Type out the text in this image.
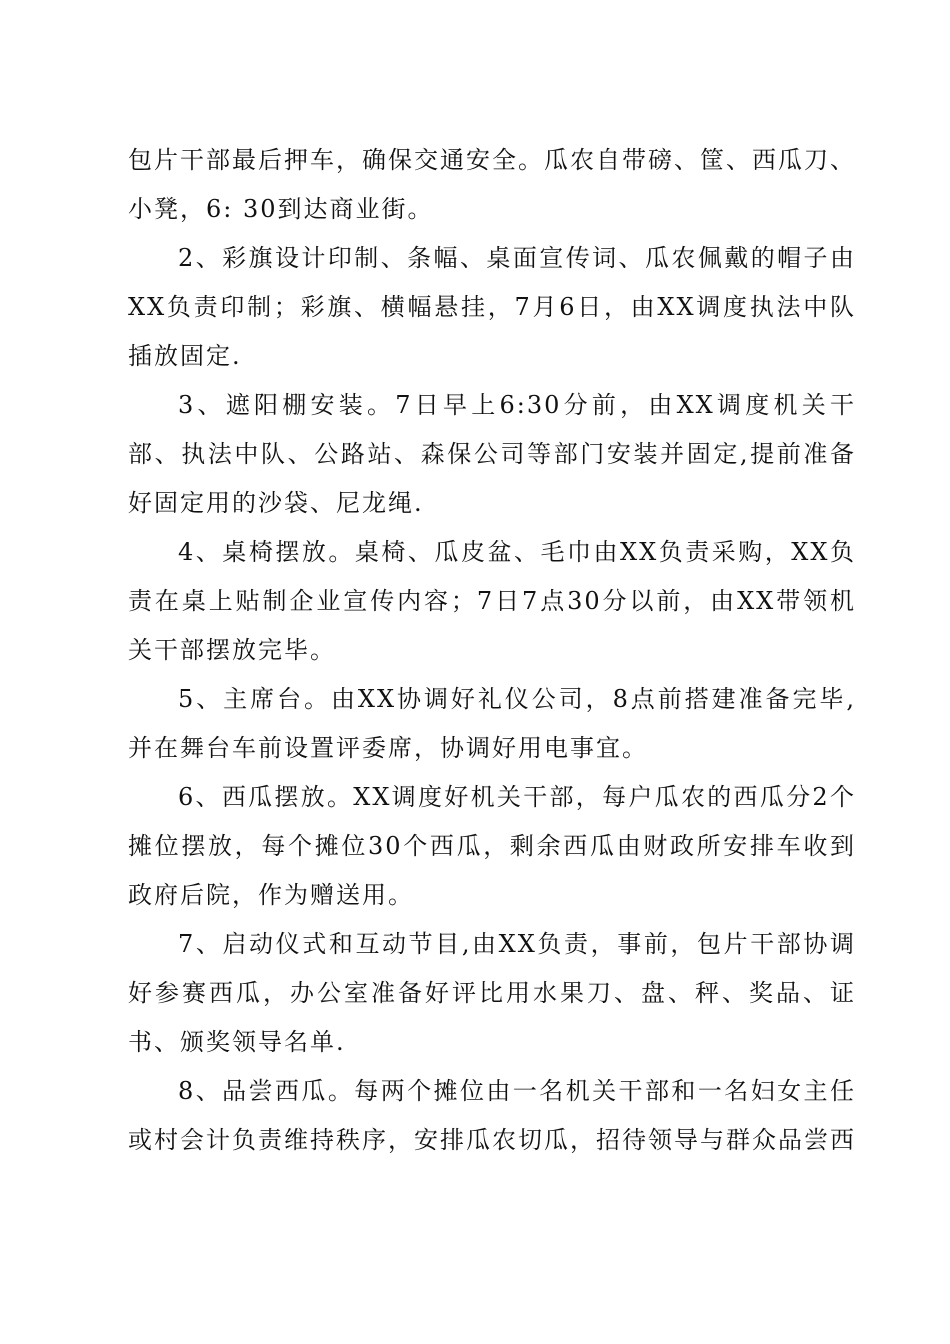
包片干部最后押车，确保交通安全。瓜农自带磅、筐、西瓜刀、小凳，6: 30到达商业街。

2、彩旗设计印制、条幅、桌面宣传词、瓜农佩戴的帽子由XX负责印制；彩旗、横幅悬挂，7月6日，由XX调度执法中队插放固定.

3、遮阳棚安装。7日早上6:30分前，由XX调度机关干部、执法中队、公路站、森保公司等部门安装并固定,提前准备好固定用的沙袋、尼龙绳.

4、桌椅摆放。桌椅、瓜皮盆、毛巾由XX负责采购，XX负责在桌上贴制企业宣传内容；7日7点30分以前，由XX带领机关干部摆放完毕。

5、主席台。由XX协调好礼仪公司，8点前搭建准备完毕,并在舞台车前设置评委席，协调好用电事宜。

6、西瓜摆放。XX调度好机关干部，每户瓜农的西瓜分2个摊位摆放，每个摊位30个西瓜，剩余西瓜由财政所安排车收到政府后院，作为赠送用。

7、启动仪式和互动节目,由XX负责，事前，包片干部协调好参赛西瓜，办公室准备好评比用水果刀、盘、秤、奖品、证书、颁奖领导名单.

8、品尝西瓜。每两个摊位由一名机关干部和一名妇女主任或村会计负责维持秩序，安排瓜农切瓜，招待领导与群众品尝西
